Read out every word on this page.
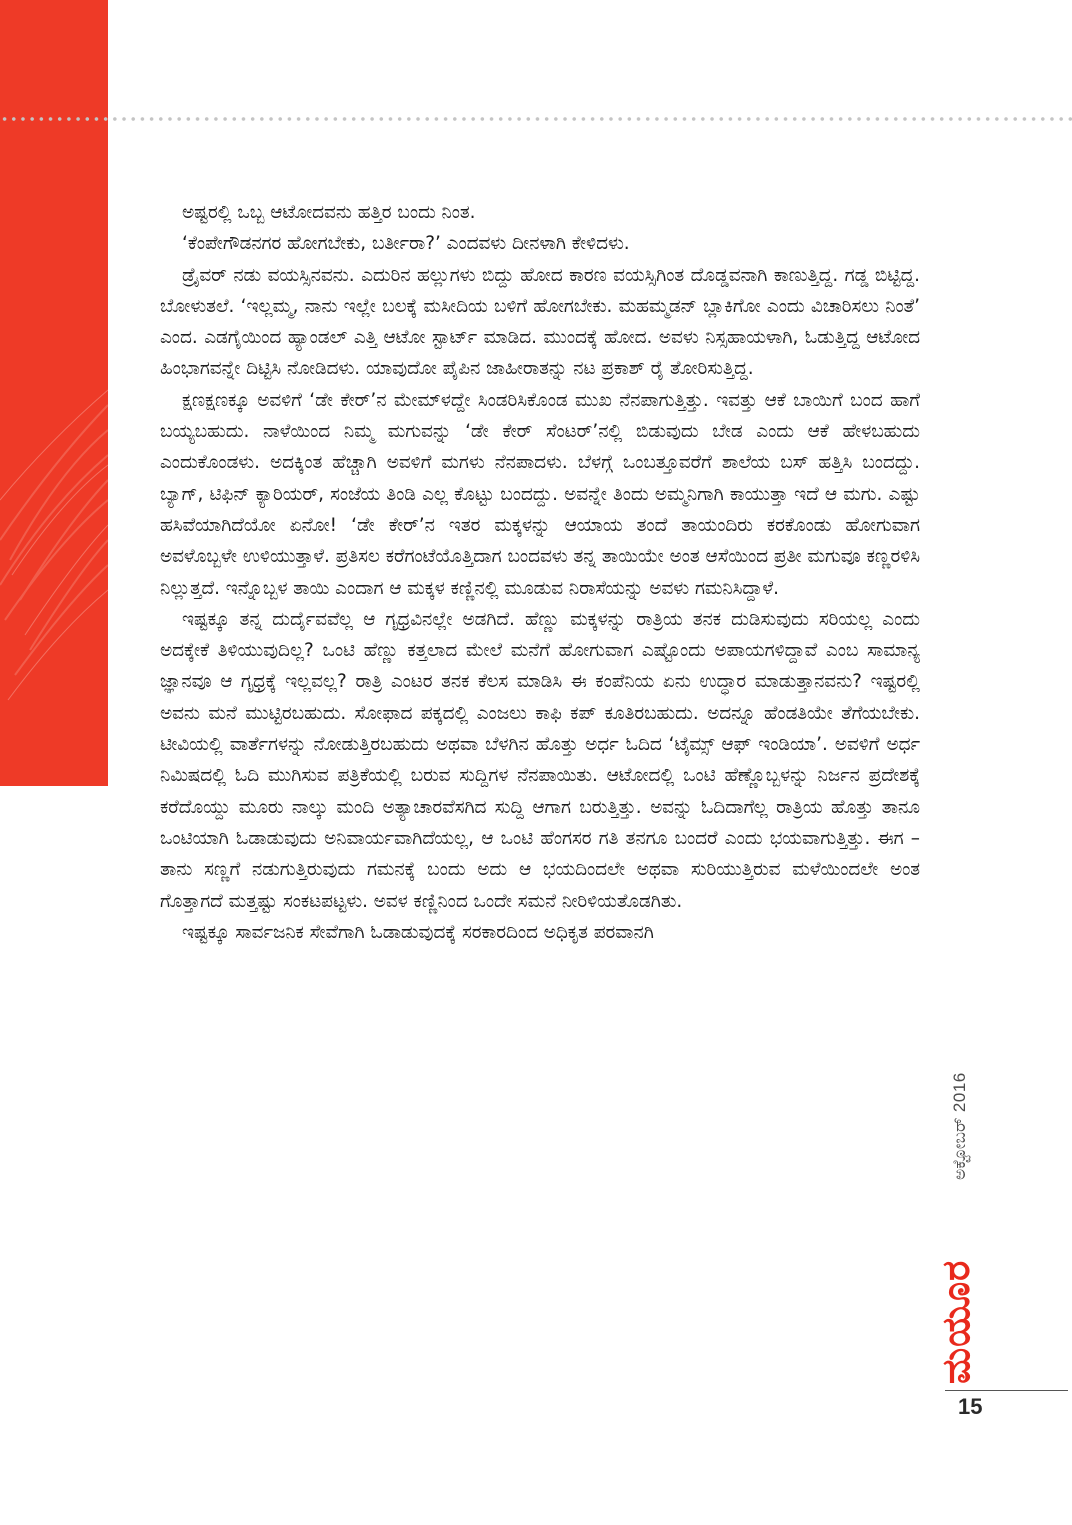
ಅಷ್ಟರಲ್ಲಿ ಒಬ್ಬ ಆಟೋದವನು ಹತ್ತಿರ ಬಂದು ನಿಂತ.

‘ಕೆಂಪೇಗೌಡನಗರ ಹೋಗಬೇಕು, ಬರ್ತೀರಾ?’ ಎಂದವಳು ದೀನಳಾಗಿ ಕೇಳಿದಳು.

ಡ್ರೈವರ್ ನಡು ವಯಸ್ಸಿನವನು. ಎದುರಿನ ಹಲ್ಲುಗಳು ಬಿದ್ದು ಹೋದ ಕಾರಣ ವಯಸ್ಸಿಗಿಂತ ದೊಡ್ಡವನಾಗಿ ಕಾಣುತ್ತಿದ್ದ. ಗಡ್ಡ ಬಿಟ್ಟಿದ್ದ. ಬೋಳುತಲೆ. ‘ಇಲ್ಲಮ್ಮ, ನಾನು ಇಲ್ಲೇ ಬಲಕ್ಕೆ ಮಸೀದಿಯ ಬಳಿಗೆ ಹೋಗಬೇಕು. ಮಹಮ್ಮಡನ್ ಬ್ಲಾಕಿಗೋ ಎಂದು ವಿಚಾರಿಸಲು ನಿಂತೆ’ ಎಂದ. ಎಡಗೈಯಿಂದ ಹ್ಯಾಂಡಲ್ ಎತ್ತಿ ಆಟೋ ಸ್ಟಾರ್ಟ್ ಮಾಡಿದ. ಮುಂದಕ್ಕೆ ಹೋದ. ಅವಳು ನಿಸ್ಸಹಾಯಳಾಗಿ, ಓಡುತ್ತಿದ್ದ ಆಟೋದ ಹಿಂಭಾಗವನ್ನೇ ದಿಟ್ಟಿಸಿ ನೋಡಿದಳು. ಯಾವುದೋ ಪೈಪಿನ ಜಾಹೀರಾತನ್ನು ನಟ ಪ್ರಕಾಶ್ ರೈ ತೋರಿಸುತ್ತಿದ್ದ.

ಕ್ಷಣಕ್ಷಣಕ್ಕೂ ಅವಳಿಗೆ ‘ಡೇ ಕೇರ್’ನ ಮೇಮ್‌ಳದ್ದೇ ಸಿಂಡರಿಸಿಕೊಂಡ ಮುಖ ನೆನಪಾಗುತ್ತಿತ್ತು. ಇವತ್ತು ಆಕೆ ಬಾಯಿಗೆ ಬಂದ ಹಾಗೆ ಬಯ್ಯಬಹುದು. ನಾಳೆಯಿಂದ ನಿಮ್ಮ ಮಗುವನ್ನು ‘ಡೇ ಕೇರ್ ಸೆಂಟರ್’ನಲ್ಲಿ ಬಿಡುವುದು ಬೇಡ ಎಂದು ಆಕೆ ಹೇಳಬಹುದು ಎಂದುಕೊಂಡಳು. ಅದಕ್ಕಿಂತ ಹೆಚ್ಚಾಗಿ ಅವಳಿಗೆ ಮಗಳು ನೆನಪಾದಳು. ಬೆಳಗ್ಗೆ ಒಂಬತ್ತೂವರೆಗೆ ಶಾಲೆಯ ಬಸ್ ಹತ್ತಿಸಿ ಬಂದದ್ದು. ಬ್ಯಾಗ್, ಟಿಫಿನ್ ಕ್ಯಾರಿಯರ್, ಸಂಜೆಯ ತಿಂಡಿ ಎಲ್ಲ ಕೊಟ್ಟು ಬಂದದ್ದು. ಅವನ್ನೇ ತಿಂದು ಅಮ್ಮನಿಗಾಗಿ ಕಾಯುತ್ತಾ ಇದೆ ಆ ಮಗು. ಎಷ್ಟು ಹಸಿವೆಯಾಗಿದೆಯೋ ಏನೋ! ‘ಡೇ ಕೇರ್’ನ ಇತರ ಮಕ್ಕಳನ್ನು ಆಯಾಯ ತಂದೆ ತಾಯಂದಿರು ಕರಕೊಂಡು ಹೋಗುವಾಗ ಅವಳೊಬ್ಬಳೇ ಉಳಿಯುತ್ತಾಳೆ. ಪ್ರತಿಸಲ ಕರೆಗಂಟೆಯೊತ್ತಿದಾಗ ಬಂದವಳು ತನ್ನ ತಾಯಿಯೇ ಅಂತ ಆಸೆಯಿಂದ ಪ್ರತೀ ಮಗುವೂ ಕಣ್ಣರಳಿಸಿ ನಿಲ್ಲುತ್ತದೆ. ಇನ್ನೊಬ್ಬಳ ತಾಯಿ ಎಂದಾಗ ಆ ಮಕ್ಕಳ ಕಣ್ಣಿನಲ್ಲಿ ಮೂಡುವ ನಿರಾಸೆಯನ್ನು ಅವಳು ಗಮನಿಸಿದ್ದಾಳೆ.

ಇಷ್ಟಕ್ಕೂ ತನ್ನ ದುರ್ದೈವವೆಲ್ಲ ಆ ಗೃಧ್ರವಿನಲ್ಲೇ ಅಡಗಿದೆ. ಹೆಣ್ಣು ಮಕ್ಕಳನ್ನು ರಾತ್ರಿಯ ತನಕ ದುಡಿಸುವುದು ಸರಿಯಲ್ಲ ಎಂದು ಅದಕ್ಕೇಕೆ ತಿಳಿಯುವುದಿಲ್ಲ? ಒಂಟಿ ಹೆಣ್ಣು ಕತ್ತಲಾದ ಮೇಲೆ ಮನೆಗೆ ಹೋಗುವಾಗ ಎಷ್ಟೊಂದು ಅಪಾಯಗಳಿದ್ದಾವೆ ಎಂಬ ಸಾಮಾನ್ಯ ಜ್ಞಾನವೂ ಆ ಗೃಧ್ರಕ್ಕೆ ಇಲ್ಲವಲ್ಲ? ರಾತ್ರಿ ಎಂಟರ ತನಕ ಕೆಲಸ ಮಾಡಿಸಿ ಈ ಕಂಪೆನಿಯ ಏನು ಉದ್ಧಾರ ಮಾಡುತ್ತಾನವನು? ಇಷ್ಟರಲ್ಲಿ ಅವನು ಮನೆ ಮುಟ್ಟಿರಬಹುದು. ಸೋಫಾದ ಪಕ್ಕದಲ್ಲಿ ಎಂಜಲು ಕಾಫಿ ಕಪ್ ಕೂತಿರಬಹುದು. ಅದನ್ನೂ ಹೆಂಡತಿಯೇ ತೆಗೆಯಬೇಕು. ಟೀವಿಯಲ್ಲಿ ವಾರ್ತೆಗಳನ್ನು ನೋಡುತ್ತಿರಬಹುದು ಅಥವಾ ಬೆಳಗಿನ ಹೊತ್ತು ಅರ್ಧ ಓದಿದ ‘ಟೈಮ್ಸ್ ಆಫ್ ಇಂಡಿಯಾ’. ಅವಳಿಗೆ ಅರ್ಧ ನಿಮಿಷದಲ್ಲಿ ಓದಿ ಮುಗಿಸುವ ಪತ್ರಿಕೆಯಲ್ಲಿ ಬರುವ ಸುದ್ದಿಗಳ ನೆನಪಾಯಿತು. ಆಟೋದಲ್ಲಿ ಒಂಟಿ ಹೆಣ್ಣೊಬ್ಬಳನ್ನು ನಿರ್ಜನ ಪ್ರದೇಶಕ್ಕೆ ಕರೆದೊಯ್ದು ಮೂರು ನಾಲ್ಕು ಮಂದಿ ಅತ್ಯಾಚಾರವೆಸಗಿದ ಸುದ್ದಿ ಆಗಾಗ ಬರುತ್ತಿತ್ತು. ಅವನ್ನು ಓದಿದಾಗೆಲ್ಲ ರಾತ್ರಿಯ ಹೊತ್ತು ತಾನೂ ಒಂಟಿಯಾಗಿ ಓಡಾಡುವುದು ಅನಿವಾರ್ಯವಾಗಿದೆಯಲ್ಲ, ಆ ಒಂಟಿ ಹೆಂಗಸರ ಗತಿ ತನಗೂ ಬಂದರೆ ಎಂದು ಭಯವಾಗುತ್ತಿತ್ತು. ಈಗ – ತಾನು ಸಣ್ಣಗೆ ನಡುಗುತ್ತಿರುವುದು ಗಮನಕ್ಕೆ ಬಂದು ಅದು ಆ ಭಯದಿಂದಲೇ ಅಥವಾ ಸುರಿಯುತ್ತಿರುವ ಮಳೆಯಿಂದಲೇ ಅಂತ ಗೊತ್ತಾಗದೆ ಮತ್ತಷ್ಟು ಸಂಕಟಪಟ್ಟಳು. ಅವಳ ಕಣ್ಣಿನಿಂದ ಒಂದೇ ಸಮನೆ ನೀರಿಳಿಯತೊಡಗಿತು.

ಇಷ್ಟಕ್ಕೂ ಸಾರ್ವಜನಿಕ ಸೇವೆಗಾಗಿ ಓಡಾಡುವುದಕ್ಕೆ ಸರಕಾರದಿಂದ ಅಧಿಕೃತ ಪರವಾನಗಿ

ಅಕ್ಟೋಬರ್ 2016
ಮಯೂರ
15
